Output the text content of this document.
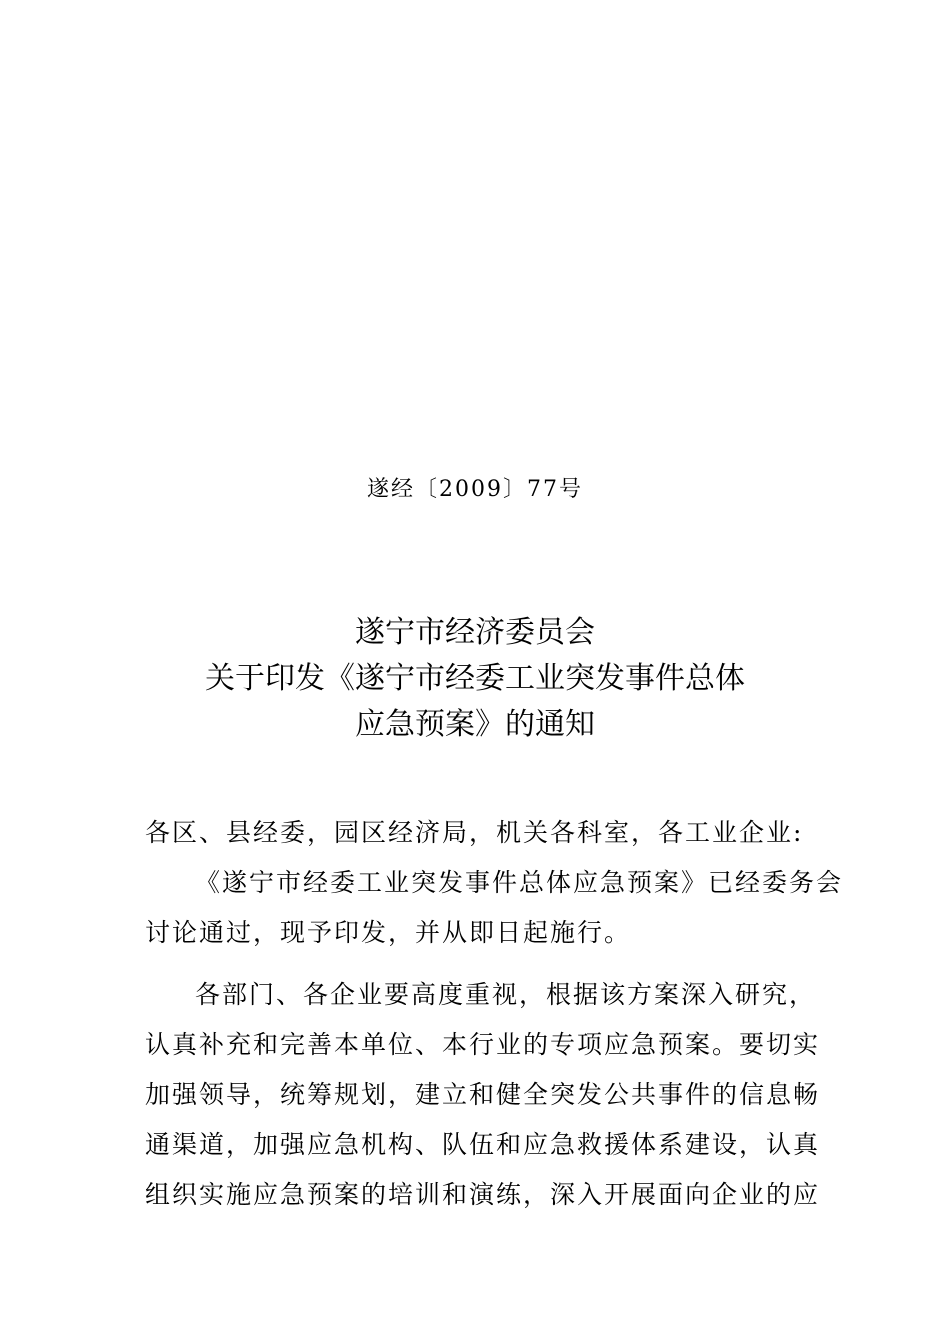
遂经〔2009〕77号
遂宁市经济委员会
关于印发《遂宁市经委工业突发事件总体
应急预案》的通知
各区、县经委，园区经济局，机关各科室，各工业企业:
《遂宁市经委工业突发事件总体应急预案》已经委务会
讨论通过，现予印发，并从即日起施行。
各部门、各企业要高度重视，根据该方案深入研究，
认真补充和完善本单位、本行业的专项应急预案。要切实
加强领导，统筹规划，建立和健全突发公共事件的信息畅
通渠道，加强应急机构、队伍和应急救援体系建设，认真
组织实施应急预案的培训和演练，深入开展面向企业的应
